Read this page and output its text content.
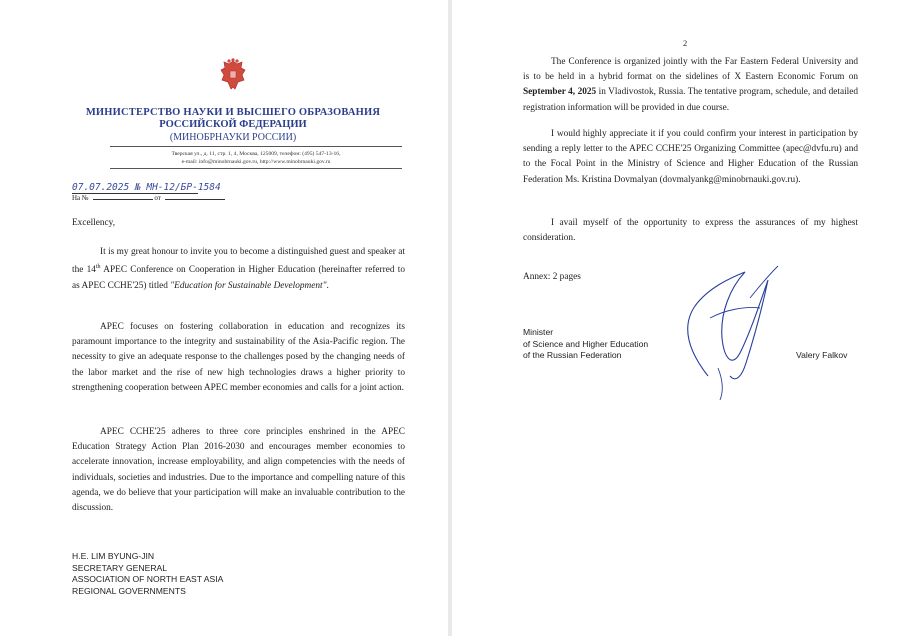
МИНИСТЕРСТВО НАУКИ И ВЫСШЕГО ОБРАЗОВАНИЯ
РОССИЙСКОЙ ФЕДЕРАЦИИ
(МИНОБРНАУКИ РОССИИ)
Тверская ул., д. 11, стр. 1, 4, Москва, 125009, телефон: (495) 547-13-16,
e-mail: info@minobrnauki.gov.ru, http://www.minobrnauki.gov.ru
07.07.2025 № МН-12/БР-1584
На №	от
Excellency,

It is my great honour to invite you to become a distinguished guest and speaker at the 14th APEC Conference on Cooperation in Higher Education (hereinafter referred to as APEC CCHE'25) titled "Education for Sustainable Development".

APEC focuses on fostering collaboration in education and recognizes its paramount importance to the integrity and sustainability of the Asia-Pacific region. The necessity to give an adequate response to the challenges posed by the changing needs of the labor market and the rise of new high technologies draws a higher priority to strengthening cooperation between APEC member economies and calls for a joint action.

APEC CCHE'25 adheres to three core principles enshrined in the APEC Education Strategy Action Plan 2016-2030 and encourages member economies to accelerate innovation, increase employability, and align competencies with the needs of individuals, societies and industries. Due to the importance and compelling nature of this agenda, we do believe that your participation will make an invaluable contribution to the discussion.

H.E. LIM BYUNG-JIN
SECRETARY GENERAL
ASSOCIATION OF NORTH EAST ASIA
REGIONAL GOVERNMENTS
2

The Conference is organized jointly with the Far Eastern Federal University and is to be held in a hybrid format on the sidelines of X Eastern Economic Forum on September 4, 2025 in Vladivostok, Russia. The tentative program, schedule, and detailed registration information will be provided in due course.

I would highly appreciate it if you could confirm your interest in participation by sending a reply letter to the APEC CCHE'25 Organizing Committee (apec@dvfu.ru) and to the Focal Point in the Ministry of Science and Higher Education of the Russian Federation Ms. Kristina Dovmalyan (dovmalyankg@minobrnauki.gov.ru).

I avail myself of the opportunity to express the assurances of my highest consideration.

Annex: 2 pages
Minister
of Science and Higher Education
of the Russian Federation	Valery Falkov
